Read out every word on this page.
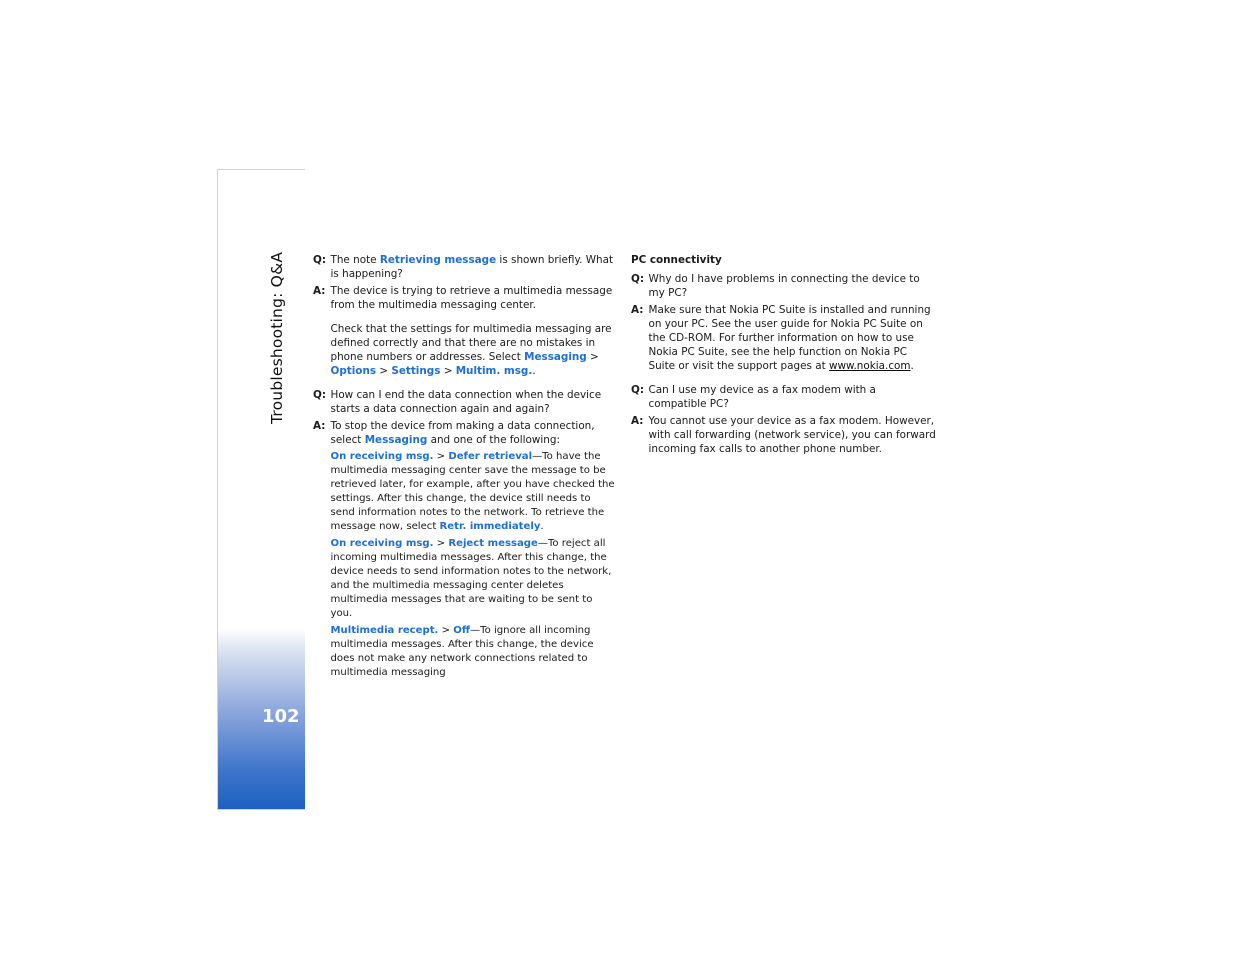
Troubleshooting: Q&A
102
Q: The note Retrieving message is shown briefly. What is happening?
A: The device is trying to retrieve a multimedia message from the multimedia messaging center.
Check that the settings for multimedia messaging are defined correctly and that there are no mistakes in phone numbers or addresses. Select Messaging > Options > Settings > Multim. msg..
Q: How can I end the data connection when the device starts a data connection again and again?
A: To stop the device from making a data connection, select Messaging and one of the following:
On receiving msg. > Defer retrieval—To have the multimedia messaging center save the message to be retrieved later, for example, after you have checked the settings. After this change, the device still needs to send information notes to the network. To retrieve the message now, select Retr. immediately.
On receiving msg. > Reject message—To reject all incoming multimedia messages. After this change, the device needs to send information notes to the network, and the multimedia messaging center deletes multimedia messages that are waiting to be sent to you.
Multimedia recept. > Off—To ignore all incoming multimedia messages. After this change, the device does not make any network connections related to multimedia messaging
PC connectivity
Q: Why do I have problems in connecting the device to my PC?
A: Make sure that Nokia PC Suite is installed and running on your PC. See the user guide for Nokia PC Suite on the CD-ROM. For further information on how to use Nokia PC Suite, see the help function on Nokia PC Suite or visit the support pages at www.nokia.com.
Q: Can I use my device as a fax modem with a compatible PC?
A: You cannot use your device as a fax modem. However, with call forwarding (network service), you can forward incoming fax calls to another phone number.
